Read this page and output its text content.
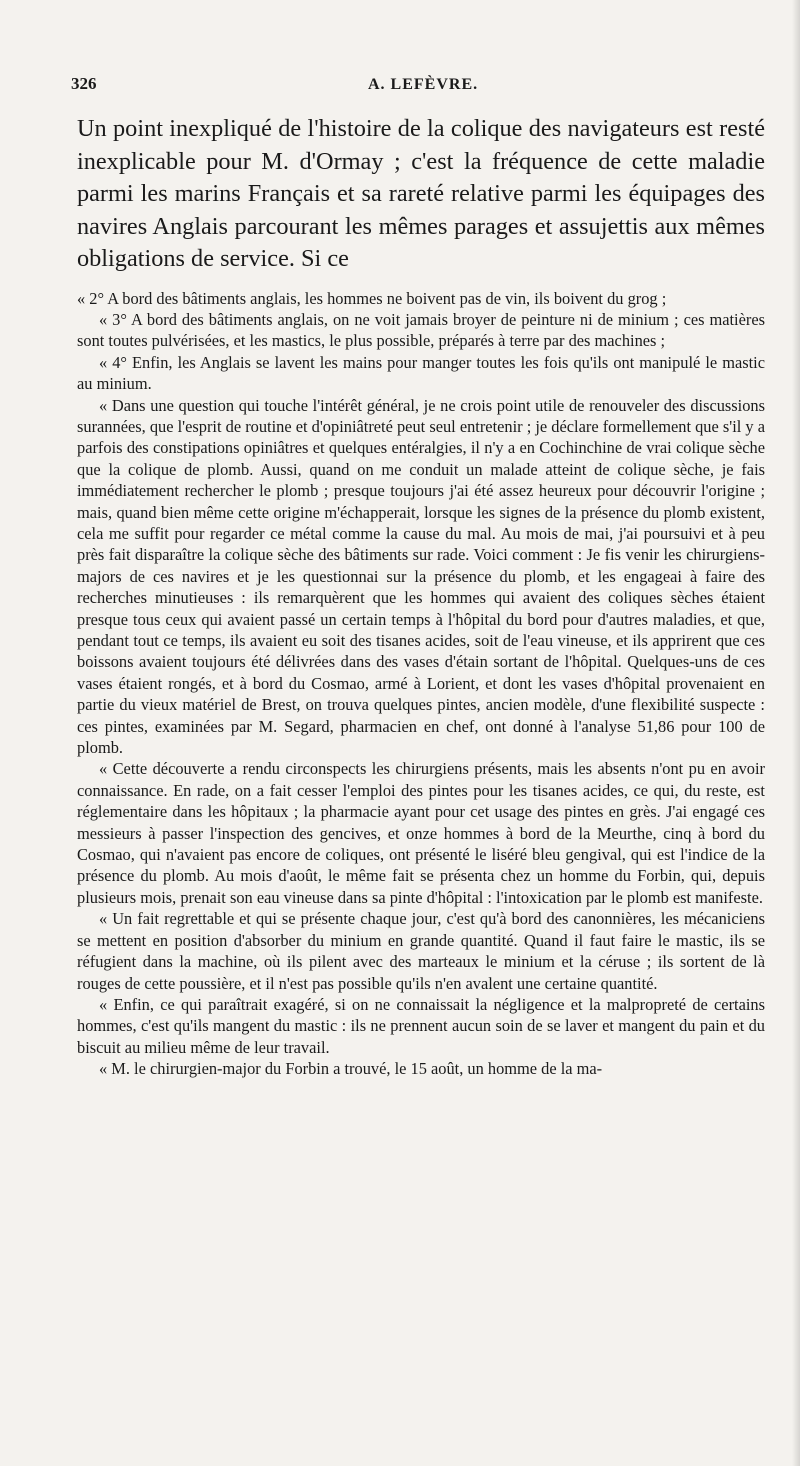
326	A. LEFÈVRE.

Un point inexpliqué de l'histoire de la colique des navigateurs est resté inexplicable pour M. d'Ormay ; c'est la fréquence de cette maladie parmi les marins Français et sa rareté relative parmi les équipages des navires Anglais parcourant les mêmes parages et assujettis aux mêmes obligations de service. Si ce

« 2° A bord des bâtiments anglais, les hommes ne boivent pas de vin, ils boivent du grog ;

« 3° A bord des bâtiments anglais, on ne voit jamais broyer de peinture ni de minium ; ces matières sont toutes pulvérisées, et les mastics, le plus possible, préparés à terre par des machines ;

« 4° Enfin, les Anglais se lavent les mains pour manger toutes les fois qu'ils ont manipulé le mastic au minium.

« Dans une question qui touche l'intérêt général, je ne crois point utile de renouveler des discussions surannées, que l'esprit de routine et d'opiniâtreté peut seul entretenir ; je déclare formellement que s'il y a parfois des constipations opiniâtres et quelques entéralgies, il n'y a en Cochinchine de vrai colique sèche que la colique de plomb. Aussi, quand on me conduit un malade atteint de colique sèche, je fais immédiatement rechercher le plomb ; presque toujours j'ai été assez heureux pour découvrir l'origine ; mais, quand bien même cette origine m'échapperait, lorsque les signes de la présence du plomb existent, cela me suffit pour regarder ce métal comme la cause du mal. Au mois de mai, j'ai poursuivi et à peu près fait disparaître la colique sèche des bâtiments sur rade. Voici comment : Je fis venir les chirurgiens-majors de ces navires et je les questionnai sur la présence du plomb, et les engageai à faire des recherches minutieuses : ils remarquèrent que les hommes qui avaient des coliques sèches étaient presque tous ceux qui avaient passé un certain temps à l'hôpital du bord pour d'autres maladies, et que, pendant tout ce temps, ils avaient eu soit des tisanes acides, soit de l'eau vineuse, et ils apprirent que ces boissons avaient toujours été délivrées dans des vases d'étain sortant de l'hôpital. Quelques-uns de ces vases étaient rongés, et à bord du Cosmao, armé à Lorient, et dont les vases d'hôpital provenaient en partie du vieux matériel de Brest, on trouva quelques pintes, ancien modèle, d'une flexibilité suspecte : ces pintes, examinées par M. Segard, pharmacien en chef, ont donné à l'analyse 51,86 pour 100 de plomb.

« Cette découverte a rendu circonspects les chirurgiens présents, mais les absents n'ont pu en avoir connaissance. En rade, on a fait cesser l'emploi des pintes pour les tisanes acides, ce qui, du reste, est réglementaire dans les hôpitaux ; la pharmacie ayant pour cet usage des pintes en grès. J'ai engagé ces messieurs à passer l'inspection des gencives, et onze hommes à bord de la Meurthe, cinq à bord du Cosmao, qui n'avaient pas encore de coliques, ont présenté le liséré bleu gengival, qui est l'indice de la présence du plomb. Au mois d'août, le même fait se présenta chez un homme du Forbin, qui, depuis plusieurs mois, prenait son eau vineuse dans sa pinte d'hôpital : l'intoxication par le plomb est manifeste.

« Un fait regrettable et qui se présente chaque jour, c'est qu'à bord des canonnières, les mécaniciens se mettent en position d'absorber du minium en grande quantité. Quand il faut faire le mastic, ils se réfugient dans la machine, où ils pilent avec des marteaux le minium et la céruse ; ils sortent de là rouges de cette poussière, et il n'est pas possible qu'ils n'en avalent une certaine quantité.

« Enfin, ce qui paraîtrait exagéré, si on ne connaissait la négligence et la malpropreté de certains hommes, c'est qu'ils mangent du mastic : ils ne prennent aucun soin de se laver et mangent du pain et du biscuit au milieu même de leur travail.

« M. le chirurgien-major du Forbin a trouvé, le 15 août, un homme de la ma-
